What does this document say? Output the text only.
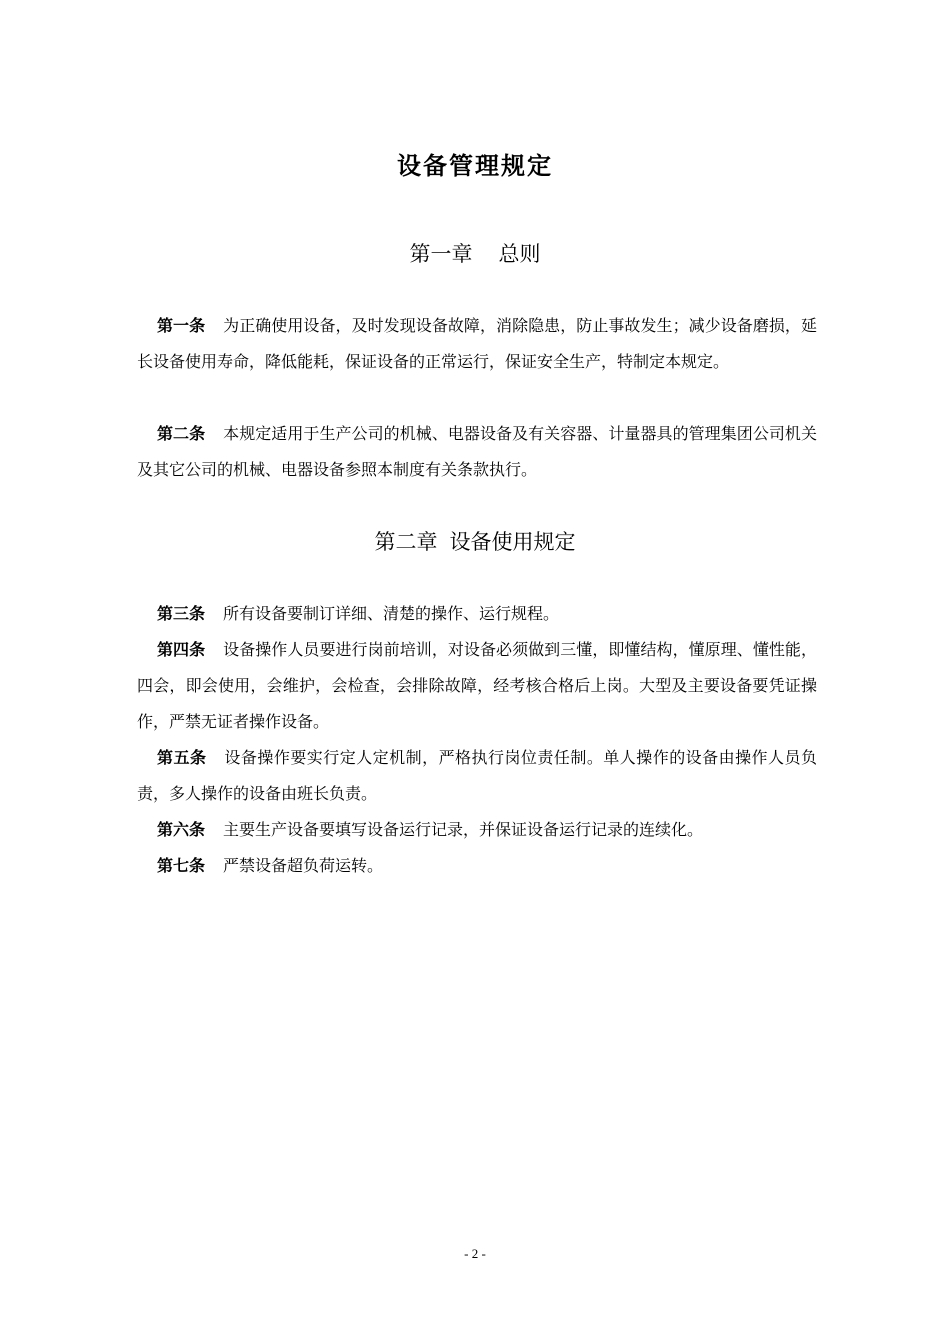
设备管理规定
第一章 总则
第一条 为正确使用设备，及时发现设备故障，消除隐患，防止事故发生；减少设备磨损，延长设备使用寿命，降低能耗，保证设备的正常运行，保证安全生产，特制定本规定。
第二条 本规定适用于生产公司的机械、电器设备及有关容器、计量器具的管理集团公司机关及其它公司的机械、电器设备参照本制度有关条款执行。
第二章 设备使用规定
第三条 所有设备要制订详细、清楚的操作、运行规程。
第四条 设备操作人员要进行岗前培训，对设备必须做到三懂，即懂结构，懂原理、懂性能，四会，即会使用，会维护，会检查，会排除故障，经考核合格后上岗。大型及主要设备要凭证操作，严禁无证者操作设备。
第五条 设备操作要实行定人定机制，严格执行岗位责任制。单人操作的设备由操作人员负责，多人操作的设备由班长负责。
第六条 主要生产设备要填写设备运行记录，并保证设备运行记录的连续化。
第七条 严禁设备超负荷运转。
- 2 -
